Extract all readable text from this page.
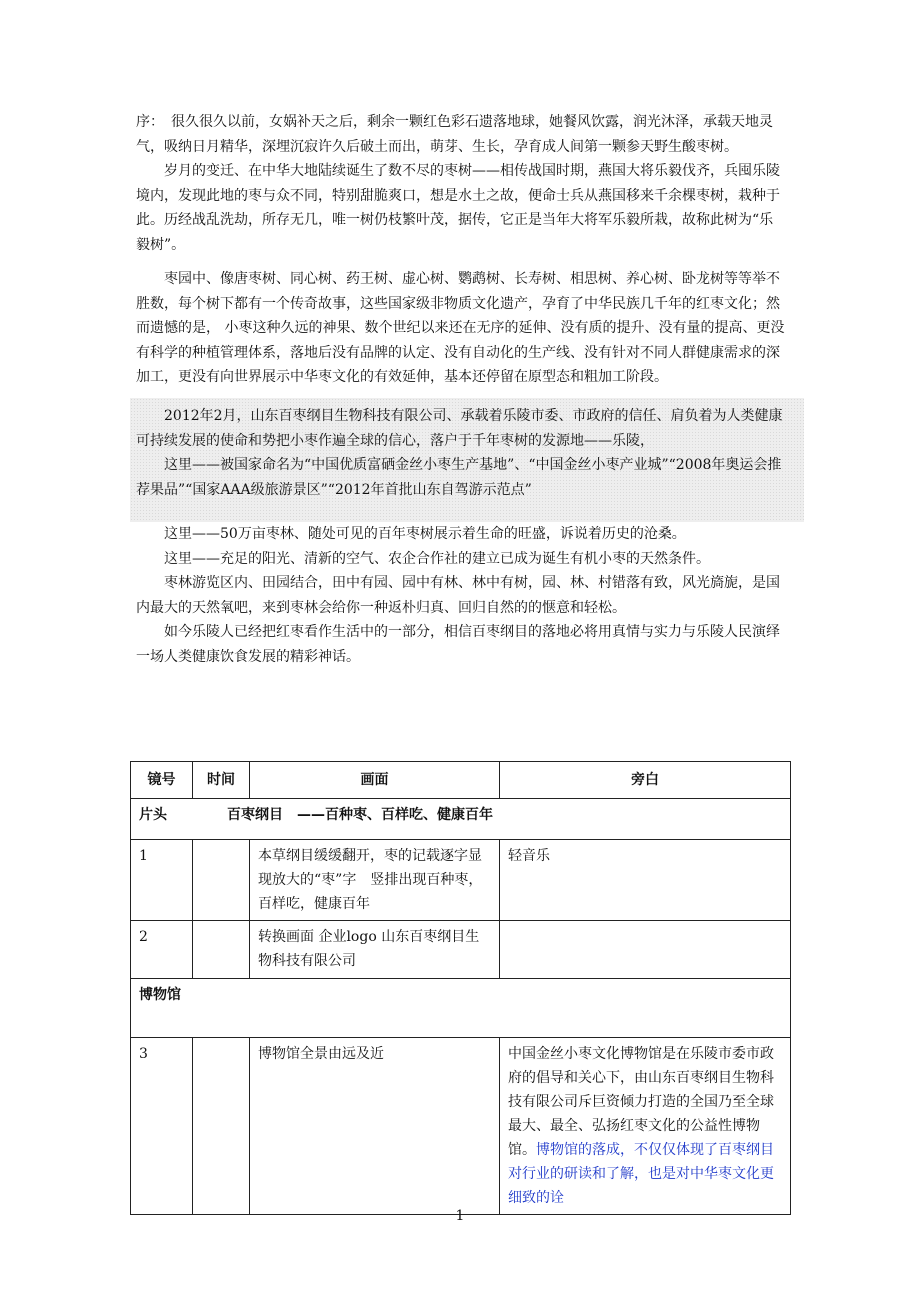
序：　 很久很久以前，女娲补天之后，剩余一颗红色彩石遗落地球，她餐风饮露，润光沐泽，承载天地灵气，吸纳日月精华，深埋沉寂许久后破土而出，萌芽、生长，孕育成人间第一颗参天野生酸枣树。

岁月的变迁、在中华大地陆续诞生了数不尽的枣树——相传战国时期，燕国大将乐毅伐齐，兵囤乐陵境内，发现此地的枣与众不同，特别甜脆爽口，想是水土之故，便命士兵从燕国移来千余棵枣树，栽种于此。历经战乱洗劫，所存无几，唯一树仍枝繁叶茂，据传，它正是当年大将军乐毅所栽，故称此树为“乐毅树”。

枣园中、像唐枣树、同心树、药王树、虚心树、鹦鹉树、长寿树、相思树、养心树、卧龙树等等举不胜数，每个树下都有一个传奇故事，这些国家级非物质文化遗产，孕育了中华民族几千年的红枣文化；然而遗憾的是， 小枣这种久远的神果、数个世纪以来还在无序的延伸、没有质的提升、没有量的提高、更没有科学的种植管理体系，落地后没有品牌的认定、没有自动化的生产线、没有针对不同人群健康需求的深加工，更没有向世界展示中华枣文化的有效延伸，基本还停留在原型态和粗加工阶段。

2012年2月，山东百枣纲目生物科技有限公司、承载着乐陵市委、市政府的信任、肩负着为人类健康可持续发展的使命和势把小枣作遍全球的信心，落户于千年枣树的发源地——乐陵，

这里——被国家命名为“中国优质富硒金丝小枣生产基地”、“中国金丝小枣产业城”“2008年奥运会推荐果品”“国家AAA级旅游景区”“2012年首批山东自驾游示范点”

这里——50万亩枣林、随处可见的百年枣树展示着生命的旺盛，诉说着历史的沧桑。

这里——充足的阳光、清新的空气、农企合作社的建立已成为诞生有机小枣的天然条件。

枣林游览区内、田园结合，田中有园、园中有林、林中有树，园、林、村错落有致，风光旖旎，是国内最大的天然氧吧，来到枣林会给你一种返朴归真、回归自然的的惬意和轻松。

如今乐陵人已经把红枣看作生活中的一部分，相信百枣纲目的落地必将用真情与实力与乐陵人民演绎一场人类健康饮食发展的精彩神话。

镜号	时间	画面	旁白
片头 百枣纲目　——百种枣、百样吃、健康百年			
1		本草纲目缓缓翻开，枣的记载逐字显现放大的“枣”字　竖排出现百种枣，百样吃，健康百年	轻音乐
2		转换画面 企业logo 山东百枣纲目生物科技有限公司	
博物馆			
3		博物馆全景由远及近	中国金丝小枣文化博物馆是在乐陵市委市政府的倡导和关心下，由山东百枣纲目生物科技有限公司斥巨资倾力打造的全国乃至全球最大、最全、弘扬红枣文化的公益性博物馆。博物馆的落成，不仅仅体现了百枣纲目对行业的研读和了解，也是对中华枣文化更细致的诠
1
